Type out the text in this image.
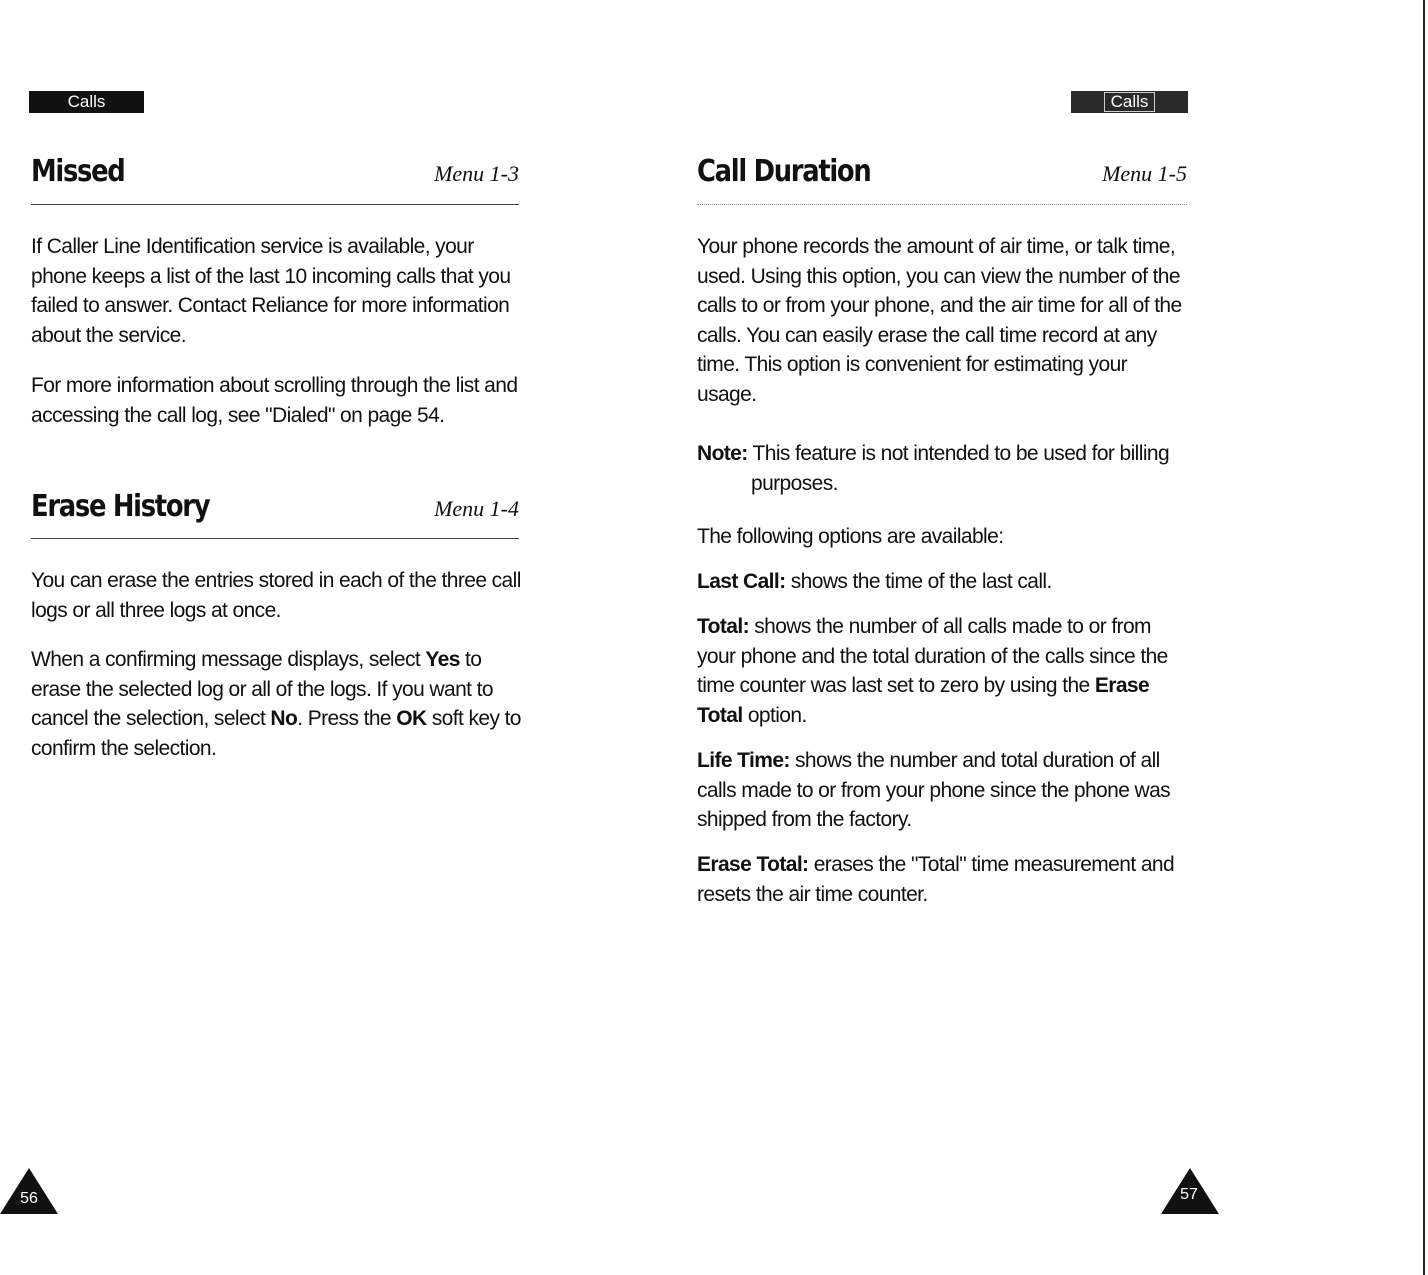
Calls	Calls
Missed	Menu 1-3

If Caller Line Identification service is available, your phone keeps a list of the last 10 incoming calls that you failed to answer. Contact Reliance for more information about the service.

For more information about scrolling through the list and accessing the call log, see "Dialed" on page 54.

Erase History	Menu 1-4

You can erase the entries stored in each of the three call logs or all three logs at once.

When a confirming message displays, select Yes to erase the selected log or all of the logs. If you want to cancel the selection, select No. Press the OK soft key to confirm the selection.

56
Call Duration	Menu 1-5

Your phone records the amount of air time, or talk time, used. Using this option, you can view the number of the calls to or from your phone, and the air time for all of the calls. You can easily erase the call time record at any time. This option is convenient for estimating your usage.

Note: This feature is not intended to be used for billing
purposes.

The following options are available:

Last Call: shows the time of the last call.

Total: shows the number of all calls made to or from your phone and the total duration of the calls since the time counter was last set to zero by using the Erase Total option.

Life Time: shows the number and total duration of all calls made to or from your phone since the phone was shipped from the factory.

Erase Total: erases the "Total" time measurement and resets the air time counter.

57
